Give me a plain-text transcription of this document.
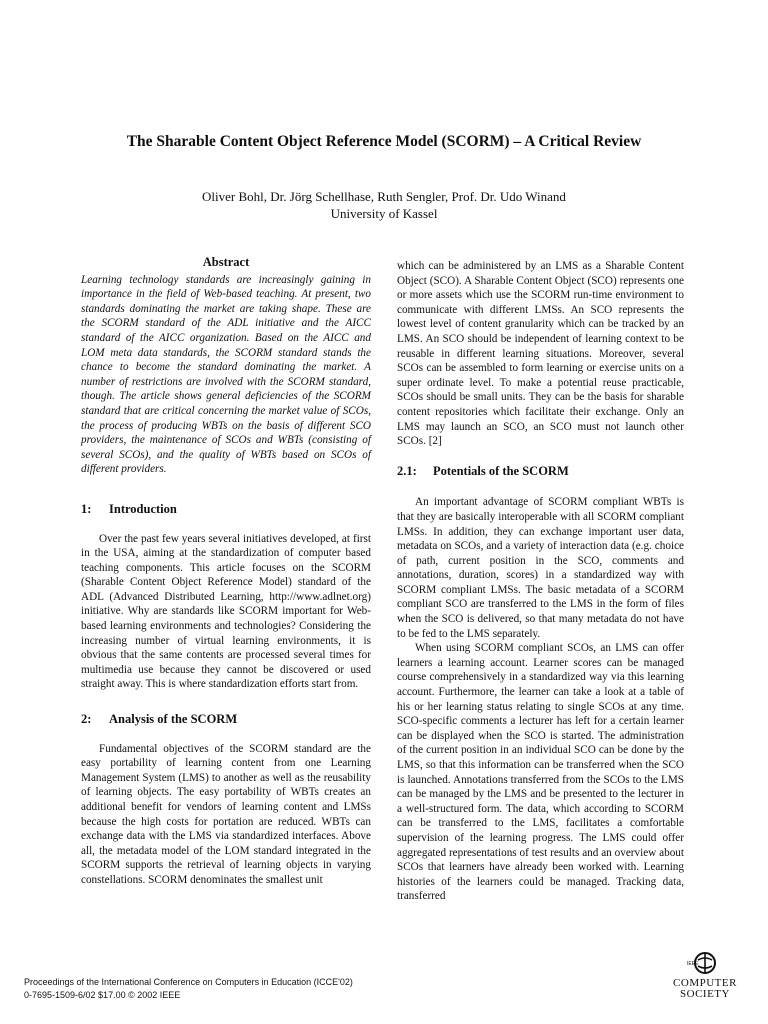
The Sharable Content Object Reference Model (SCORM) – A Critical Review
Oliver Bohl, Dr. Jörg Schellhase, Ruth Sengler, Prof. Dr. Udo Winand
University of Kassel
Abstract

Learning technology standards are increasingly gaining in importance in the field of Web-based teaching. At present, two standards dominating the market are taking shape. These are the SCORM standard of the ADL initiative and the AICC standard of the AICC organization. Based on the AICC and LOM meta data standards, the SCORM standard stands the chance to become the standard dominating the market. A number of restrictions are involved with the SCORM standard, though. The article shows general deficiencies of the SCORM standard that are critical concerning the market value of SCOs, the process of producing WBTs on the basis of different SCO providers, the maintenance of SCOs and WBTs (consisting of several SCOs), and the quality of WBTs based on SCOs of different providers.

1: Introduction

Over the past few years several initiatives developed, at first in the USA, aiming at the standardization of computer based teaching components. This article focuses on the SCORM (Sharable Content Object Reference Model) standard of the ADL (Advanced Distributed Learning, http://www.adlnet.org) initiative. Why are standards like SCORM important for Web-based learning environments and technologies? Considering the increasing number of virtual learning environments, it is obvious that the same contents are processed several times for multimedia use because they cannot be discovered or used straight away. This is where standardization efforts start from.

2: Analysis of the SCORM

Fundamental objectives of the SCORM standard are the easy portability of learning content from one Learning Management System (LMS) to another as well as the reusability of learning objects. The easy portability of WBTs creates an additional benefit for vendors of learning content and LMSs because the high costs for portation are reduced. WBTs can exchange data with the LMS via standardized interfaces. Above all, the metadata model of the LOM standard integrated in the SCORM supports the retrieval of learning objects in varying constellations. SCORM denominates the smallest unit

which can be administered by an LMS as a Sharable Content Object (SCO). A Sharable Content Object (SCO) represents one or more assets which use the SCORM run-time environment to communicate with different LMSs. An SCO represents the lowest level of content granularity which can be tracked by an LMS. An SCO should be independent of learning context to be reusable in different learning situations. Moreover, several SCOs can be assembled to form learning or exercise units on a super ordinate level. To make a potential reuse practicable, SCOs should be small units. They can be the basis for sharable content repositories which facilitate their exchange. Only an LMS may launch an SCO, an SCO must not launch other SCOs. [2]

2.1: Potentials of the SCORM

An important advantage of SCORM compliant WBTs is that they are basically interoperable with all SCORM compliant LMSs. In addition, they can exchange important user data, metadata on SCOs, and a variety of interaction data (e.g. choice of path, current position in the SCO, comments and annotations, duration, scores) in a standardized way with SCORM compliant LMSs. The basic metadata of a SCORM compliant SCO are transferred to the LMS in the form of files when the SCO is delivered, so that many metadata do not have to be fed to the LMS separately.

When using SCORM compliant SCOs, an LMS can offer learners a learning account. Learner scores can be managed course comprehensively in a standardized way via this learning account. Furthermore, the learner can take a look at a table of his or her learning status relating to single SCOs at any time. SCO-specific comments a lecturer has left for a certain learner can be displayed when the SCO is started. The administration of the current position in an individual SCO can be done by the LMS, so that this information can be transferred when the SCO is launched. Annotations transferred from the SCOs to the LMS can be managed by the LMS and be presented to the lecturer in a well-structured form. The data, which according to SCORM can be transferred to the LMS, facilitates a comfortable supervision of the learning progress. The LMS could offer aggregated representations of test results and an overview about SCOs that learners have already been worked with. Learning histories of the learners could be managed. Tracking data, transferred

Proceedings of the International Conference on Computers in Education (ICCE'02)
0-7695-1509-6/02 $17.00 © 2002 IEEE
IEEE
COMPUTER
SOCIETY
